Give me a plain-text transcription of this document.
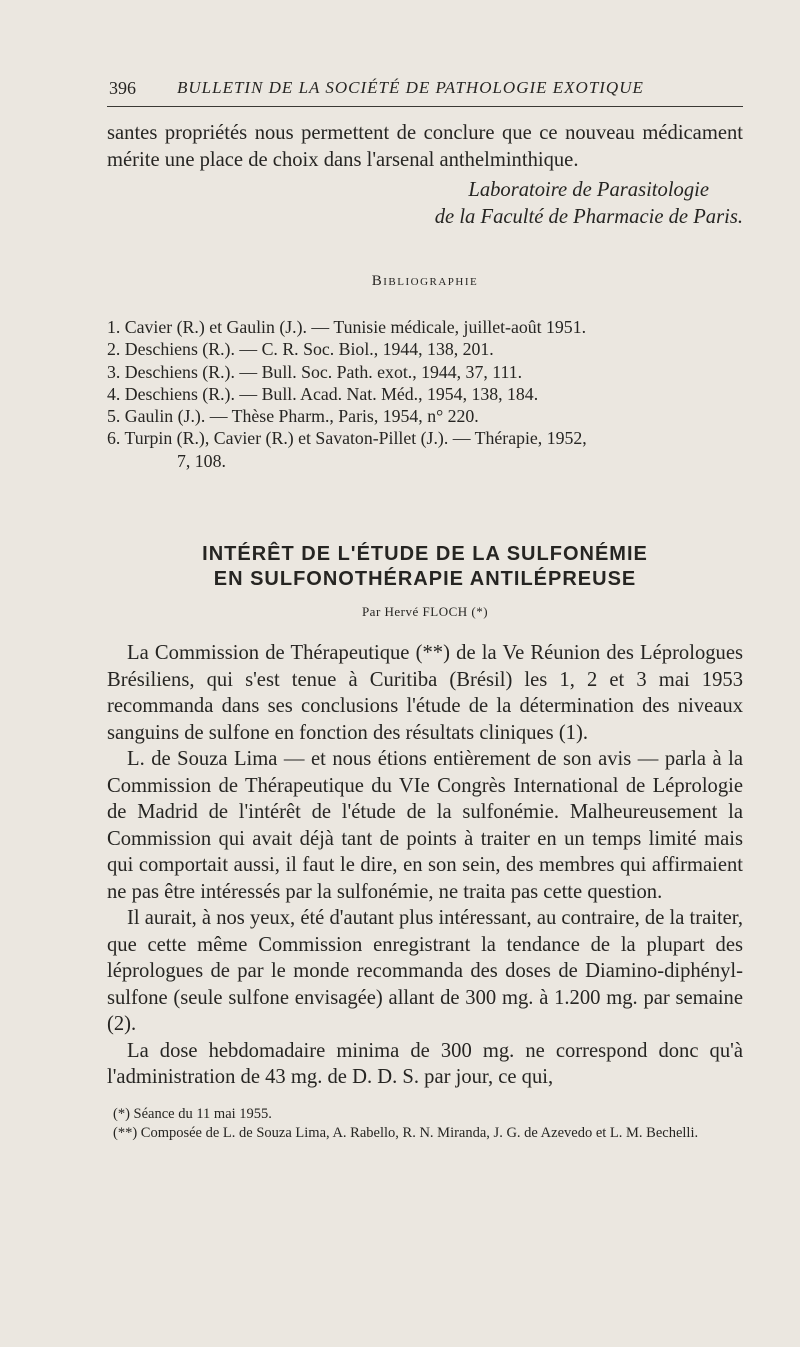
396 BULLETIN DE LA SOCIÉTÉ DE PATHOLOGIE EXOTIQUE

santes propriétés nous permettent de conclure que ce nouveau médicament mérite une place de choix dans l'arsenal anthelminthique.

Laboratoire de Parasitologie

de la Faculté de Pharmacie de Paris.

Bibliographie
1. Cavier (R.) et Gaulin (J.). — Tunisie médicale, juillet-août 1951.
2. Deschiens (R.). — C. R. Soc. Biol., 1944, 138, 201.
3. Deschiens (R.). — Bull. Soc. Path. exot., 1944, 37, 111.
4. Deschiens (R.). — Bull. Acad. Nat. Méd., 1954, 138, 184.
5. Gaulin (J.). — Thèse Pharm., Paris, 1954, n° 220.
6. Turpin (R.), Cavier (R.) et Savaton-Pillet (J.). — Thérapie, 1952,
7, 108.
INTÉRÊT DE L'ÉTUDE DE LA SULFONÉMIE
EN SULFONOTHÉRAPIE ANTILÉPREUSE
Par Hervé FLOCH (*)

La Commission de Thérapeutique (**) de la Ve Réunion des Léprologues Brésiliens, qui s'est tenue à Curitiba (Brésil) les 1, 2 et 3 mai 1953 recommanda dans ses conclusions l'étude de la détermination des niveaux sanguins de sulfone en fonction des résultats cliniques (1).

L. de Souza Lima — et nous étions entièrement de son avis — parla à la Commission de Thérapeutique du VIe Congrès International de Léprologie de Madrid de l'intérêt de l'étude de la sulfonémie. Malheureusement la Commission qui avait déjà tant de points à traiter en un temps limité mais qui comportait aussi, il faut le dire, en son sein, des membres qui affirmaient ne pas être intéressés par la sulfonémie, ne traita pas cette question.

Il aurait, à nos yeux, été d'autant plus intéressant, au contraire, de la traiter, que cette même Commission enregistrant la tendance de la plupart des léprologues de par le monde recommanda des doses de Diamino-diphényl-sulfone (seule sulfone envisagée) allant de 300 mg. à 1.200 mg. par semaine (2).

La dose hebdomadaire minima de 300 mg. ne correspond donc qu'à l'administration de 43 mg. de D. D. S. par jour, ce qui,

(*) Séance du 11 mai 1955.

(**) Composée de L. de Souza Lima, A. Rabello, R. N. Miranda, J. G. de Azevedo et L. M. Bechelli.
